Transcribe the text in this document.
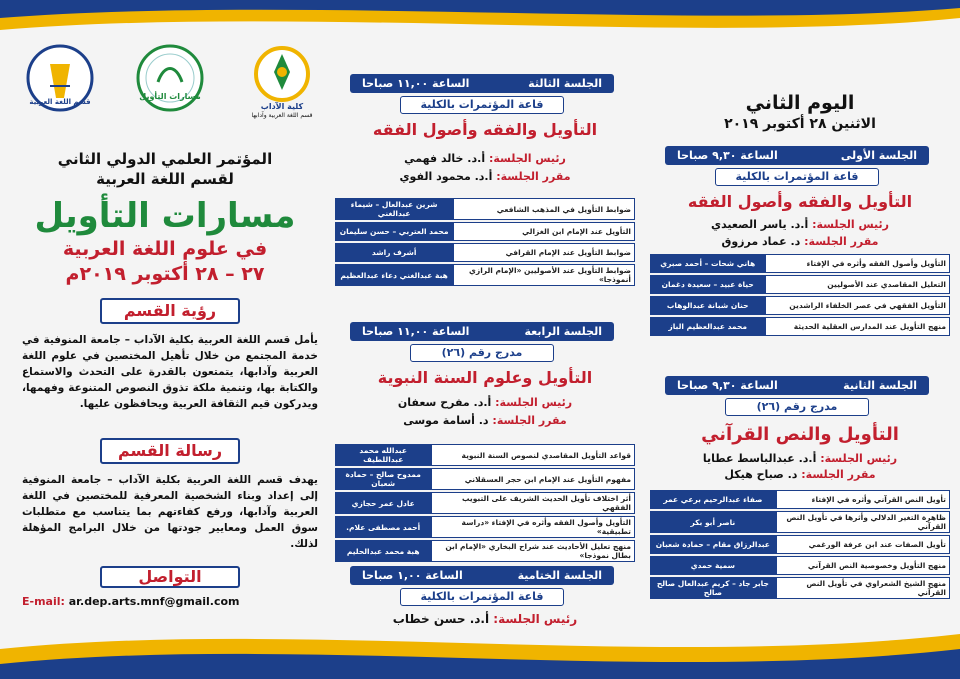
كلية الآداب
قسم اللغة العربية وآدابها
مسارات التأويل
قسم اللغة العربية
المؤتمر العلمي الدولي الثاني
لقسم اللغة العربية
مسارات التأويل
في علوم اللغة العربية
٢٧ – ٢٨ أكتوبر ٢٠١٩م
رؤية القسم
يأمل قسم اللغة العربية بكلية الآداب – جامعة المنوفية في خدمة المجتمع من خلال تأهيل المختصين في علوم اللغة العربية وآدابها، يتمتعون بالقدرة على التحدث والاستماع والكتابة بها، وتنمية ملكة تذوق النصوص المتنوعة وفهمها، ويدركون قيم الثقافة العربية ويحافظون عليها.
رسالة القسم
يهدف قسم اللغة العربية بكلية الآداب – جامعة المنوفية إلى إعداد وبناء الشخصية المعرفية للمختصين في اللغة العربية وآدابها، ورفع كفاءتهم بما يتناسب مع متطلبات سوق العمل ومعايير جودتها من خلال البرامج المؤهلة لذلك.
التواصل
E-mail: ar.dep.arts.mnf@gmail.com
اليوم الثاني
الاثنين ٢٨ أكتوبر ٢٠١٩
الجلسة الأولى
الساعة ٩,٣٠ صباحا
قاعة المؤتمرات بالكلية
التأويل والفقه وأصول الفقه
رئيس الجلسة: أ.د. ياسر الصعيدي
مقرر الجلسة: د. عماد مرزوق
التأويل وأصول الفقه وأثره في الإفتاء	هاني شحات – أحمد صبري
التعليل المقاصدي عند الأصوليين	حياة عبيد – سعيدة دغمان
التأويل الفقهي في عصر الخلفاء الراشدين	حنان شبانة عبدالوهاب
منهج التأويل عند المدارس العقلية الحديثة	محمد عبدالعظيم الباز
الجلسة الثانية
الساعة ٩,٣٠ صباحا
مدرج رقم (٢٦)
التأويل والنص القرآني
رئيس الجلسة: أ.د. عبدالباسط عطايا
مقرر الجلسة: د. صباح هيكل
تأويل النص القرآني وأثره في الإفتاء	صفاء عبدالرحيم برعي عمر
ظاهرة التغير الدلالي وأثرها في تأويل النص القرآني	ناصر أبو بكر
تأويل الصفات عند ابن عرفة الورغمي	عبدالرزاق مقام – حمادة شعبان
منهج التأويل وخصوصية النص القرآني	سمية حمدي
منهج الشيخ الشعراوي في تأويل النص القرآني	جابر جاد – كريم عبدالعال صالح صالح
الجلسة الثالثة
الساعة ١١,٠٠ صباحا
قاعة المؤتمرات بالكلية
التأويل والفقه وأصول الفقه
رئيس الجلسة: أ.د. خالد فهمي
مقرر الجلسة: أ.د. محمود الفوي
ضوابط التأويل في المذهب الشافعي	شرين عبدالعال – شيماء عبدالغني
التأويل عند الإمام ابن الغزالي	محمد العتربي – حسن سليمان
ضوابط التأويل عند الإمام القرافي	أشرف راشد
ضوابط التأويل عند الأصوليين «الإمام الرازي أنموذجا»	هبة عبدالغني دعاء عبدالعظيم
الجلسة الرابعة
الساعة ١١,٠٠ صباحا
مدرج رقم (٢٦)
التأويل وعلوم السنة النبوية
رئيس الجلسة: أ.د. مفرح سعفان
مقرر الجلسة: د. أسامة موسى
قواعد التأويل المقاصدي لنصوص السنة النبوية	عبدالله محمد عبداللطيف
مفهوم التأويل عند الإمام ابن حجر العسقلاني	ممدوح صالح – حمادة شعبان
أثر اختلاف تأويل الحديث الشريف على التبويب الفقهي	عادل عمر حجازي
التأويل وأصول الفقه وأثره في الإفتاء «دراسة تطبيقية»	أحمد مصطفى علام.
منهج تعليل الأحاديث عند شراح البخاري «الإمام ابن بطال نموذجا»	هبة محمد عبدالحليم
الجلسة الختامية
الساعة ١,٠٠ صباحا
قاعة المؤتمرات بالكلية
رئيس الجلسة: أ.د. حسن خطاب
